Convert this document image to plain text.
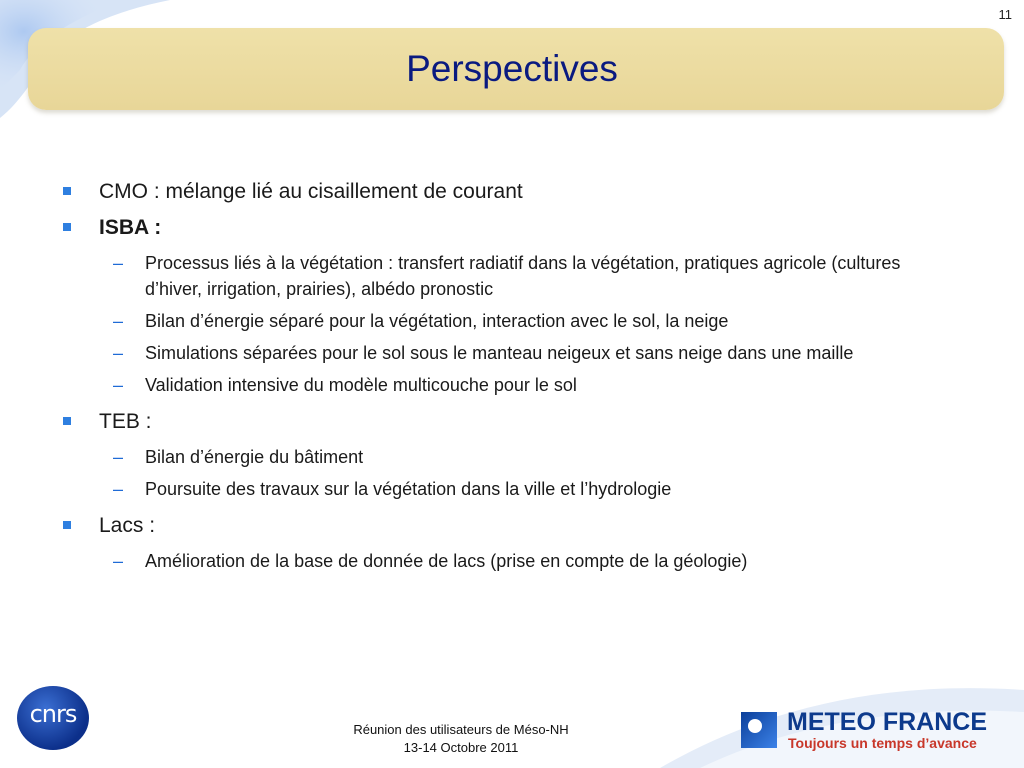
11
Perspectives
CMO : mélange lié au cisaillement de courant
ISBA :
– Processus liés à la végétation : transfert radiatif dans la végétation, pratiques agricole (cultures d’hiver, irrigation, prairies), albédo pronostic
– Bilan d’énergie séparé pour la végétation, interaction avec le sol, la neige
– Simulations séparées pour le sol sous le manteau neigeux et sans neige dans une maille
– Validation intensive du modèle multicouche pour le sol
TEB :
– Bilan d’énergie du bâtiment
– Poursuite des travaux sur la végétation dans la ville et l’hydrologie
Lacs :
– Amélioration de la base de donnée de lacs (prise en compte de la géologie)
cnrs
Réunion des utilisateurs de Méso-NH
13-14 Octobre 2011
METEO FRANCE
Toujours un temps d’avance
